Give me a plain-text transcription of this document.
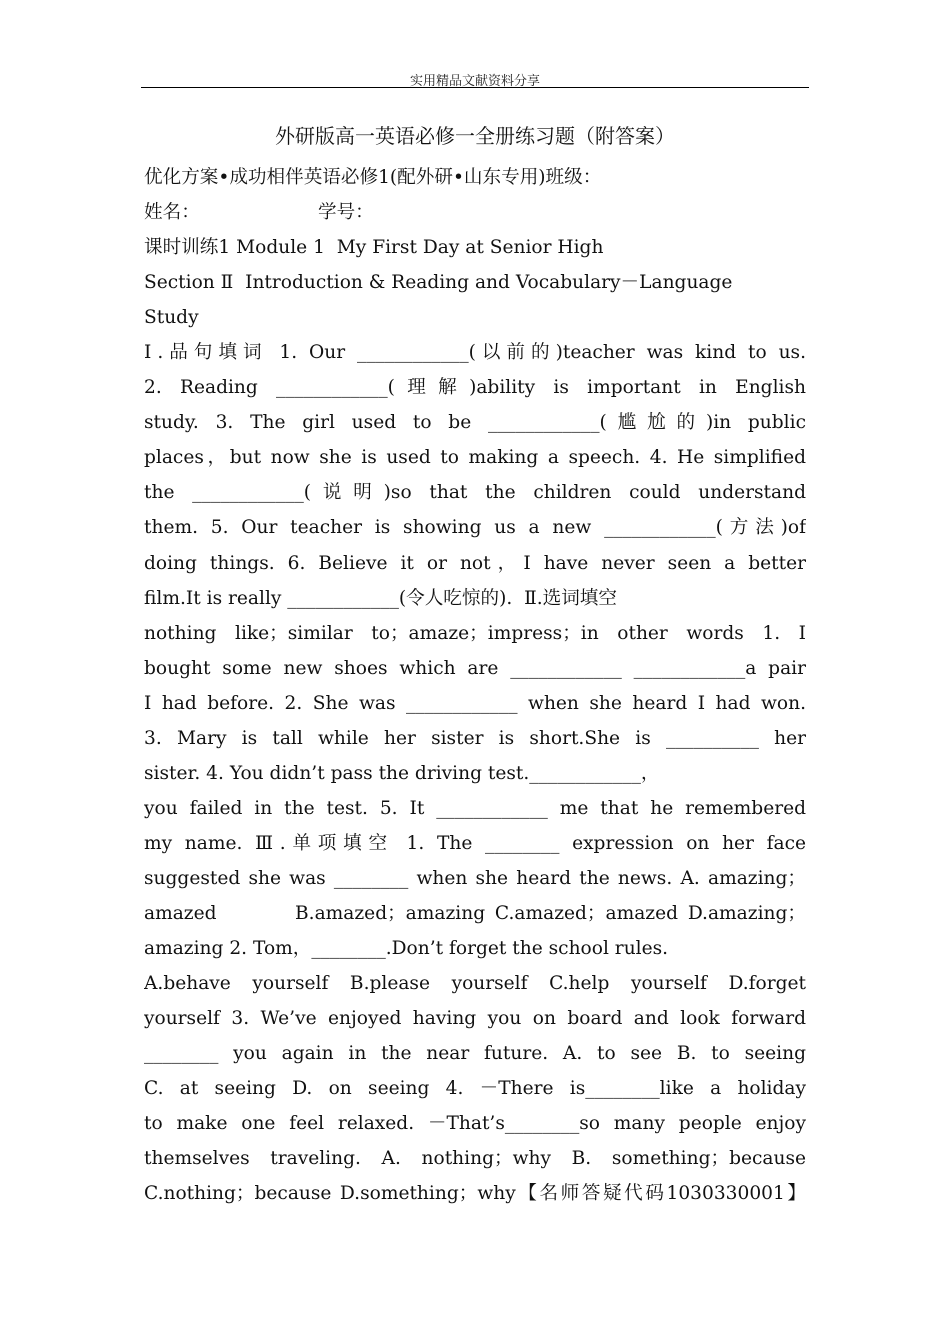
实用精品文献资料分享
外研版高一英语必修一全册练习题（附答案）
优化方案•成功相伴英语必修1(配外研•山东专用)班级：
姓名：                    学号：
课时训练1 Module 1  My First Day at Senior High
Section Ⅱ  Introduction & Reading and Vocabulary－Language
Study
Ⅰ.品句填词 1. Our ____________(以前的)teacher was kind to us.
2. Reading ____________(理解)ability is important in English
study. 3. The girl used to be ____________(尴尬的)in public
places，but now she is used to making a speech. 4. He simplified
the ____________(说明)so that the children could understand
them. 5. Our teacher is showing us a new ____________(方法)of
doing things. 6. Believe it or not，I have never seen a better
film.It is really ____________(令人吃惊的).  Ⅱ.选词填空
nothing like；similar to；amaze；impress；in other words 1. I
bought some new shoes which are ____________ ____________a pair
I had before. 2. She was ____________ when she heard I had won.
3. Mary is tall while her sister is short.She is __________ her
sister. 4. You didn’t pass the driving test.____________，
you failed in the test. 5. It ____________ me that he remembered
my name. Ⅲ.单项填空 1. The ________ expression on her face
suggested she was ________ when she heard the news. A. amazing；
amazed        B.amazed；amazing C.amazed；amazed D.amazing；
amazing 2. Tom，________.Don’t forget the school rules.
A.behave yourself B.please yourself C.help yourself D.forget
yourself 3. We’ve enjoyed having you on board and look forward
________ you again in the near future. A. to see B. to seeing
C. at seeing D. on seeing 4. －There is________like a holiday
to make one feel relaxed. －That’s________so many people enjoy
themselves traveling. A. nothing；why B. something；because
C.nothing；because D.something；why【名师答疑代码1030330001】
